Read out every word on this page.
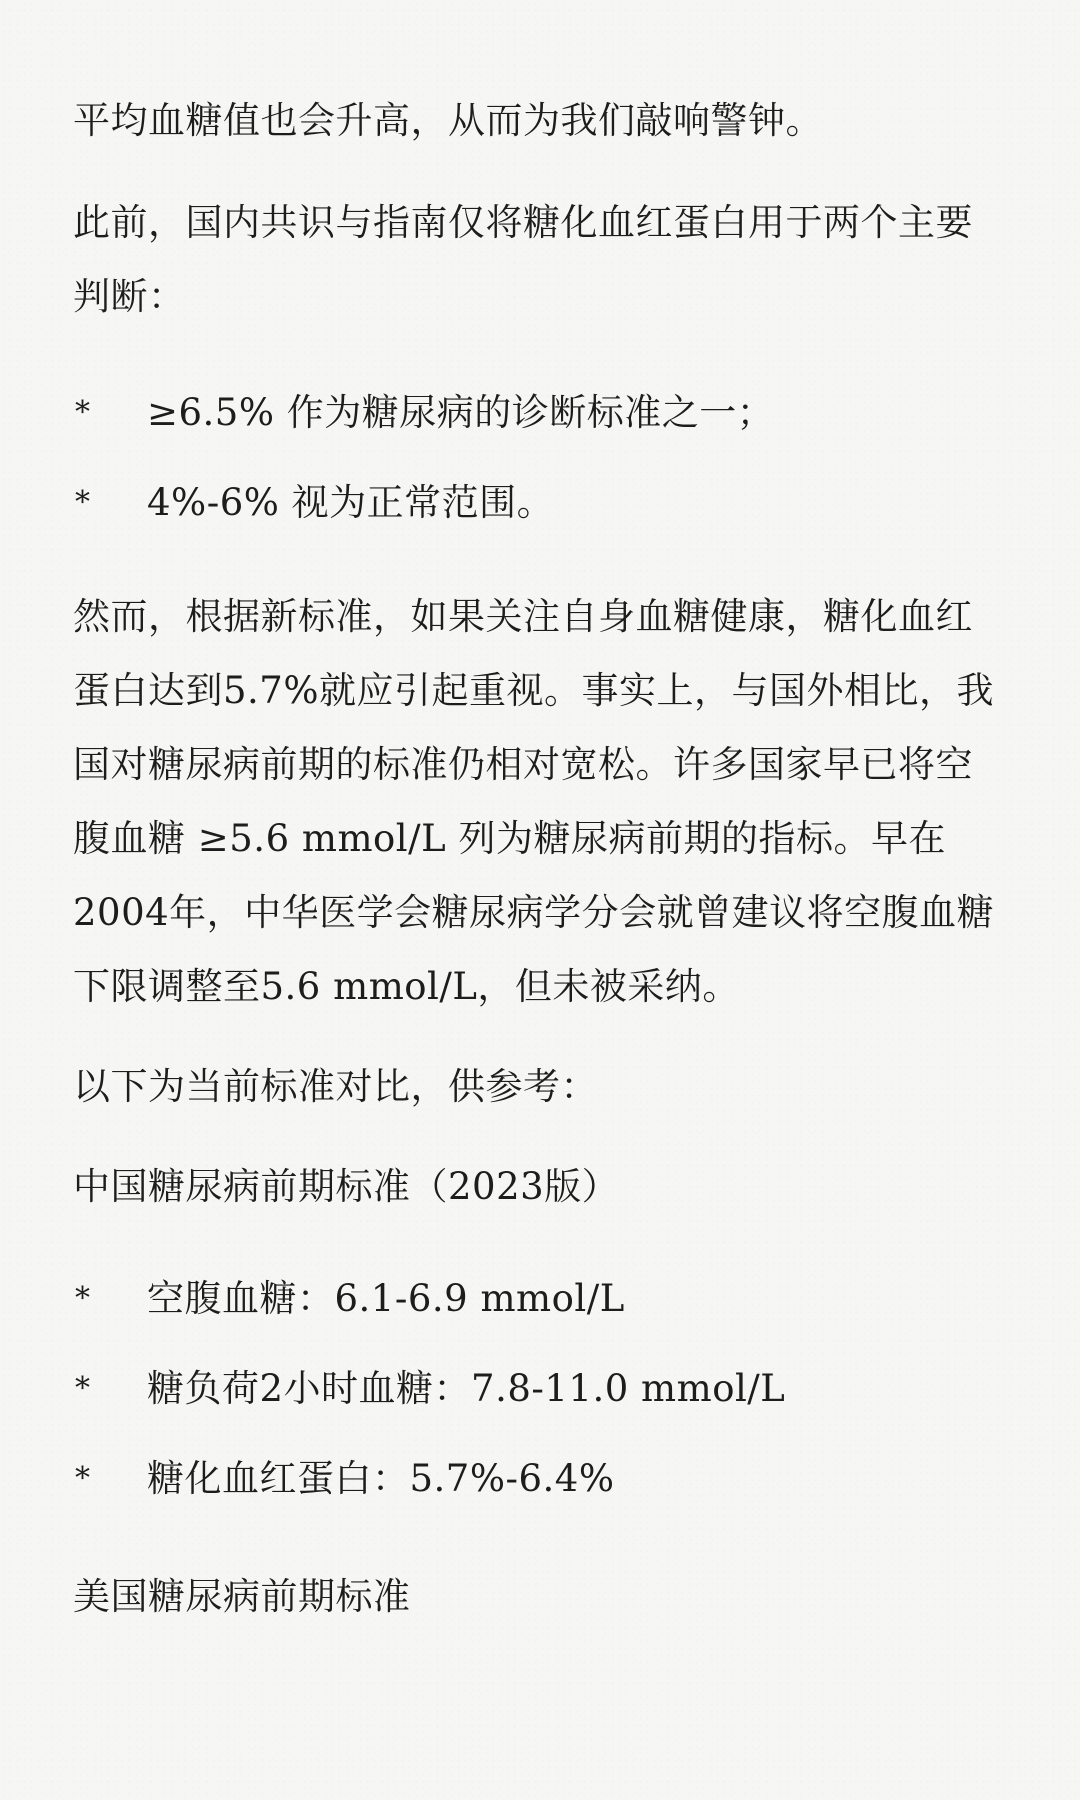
平均血糖值也会升高，从而为我们敲响警钟。

此前，国内共识与指南仅将糖化血红蛋白用于两个主要判断：

*	≥6.5% 作为糖尿病的诊断标准之一；
*	4%-6% 视为正常范围。

然而，根据新标准，如果关注自身血糖健康，糖化血红蛋白达到5.7%就应引起重视。事实上，与国外相比，我国对糖尿病前期的标准仍相对宽松。许多国家早已将空腹血糖 ≥5.6 mmol/L 列为糖尿病前期的指标。早在2004年，中华医学会糖尿病学分会就曾建议将空腹血糖下限调整至5.6 mmol/L，但未被采纳。

以下为当前标准对比，供参考：

中国糖尿病前期标准（2023版）

*	空腹血糖：6.1-6.9 mmol/L
*	糖负荷2小时血糖：7.8-11.0 mmol/L
*	糖化血红蛋白：5.7%-6.4%

美国糖尿病前期标准
